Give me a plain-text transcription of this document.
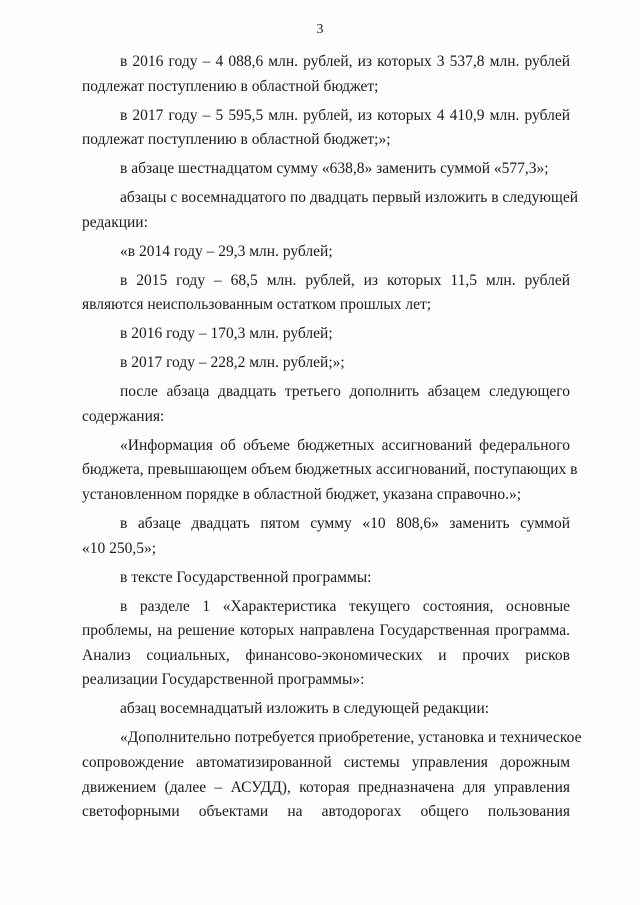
3
в 2016 году – 4 088,6 млн. рублей, из которых 3 537,8 млн. рублей
подлежат поступлению в областной бюджет;
в 2017 году – 5 595,5 млн. рублей, из которых 4 410,9 млн. рублей
подлежат поступлению в областной бюджет;»;
в абзаце шестнадцатом сумму «638,8» заменить суммой «577,3»;
абзацы с восемнадцатого по двадцать первый изложить в следующей
редакции:
«в 2014 году – 29,3 млн. рублей;
в 2015 году – 68,5 млн. рублей, из которых 11,5 млн. рублей
являются неиспользованным остатком прошлых лет;
в 2016 году – 170,3 млн. рублей;
в 2017 году – 228,2 млн. рублей;»;
после абзаца двадцать третьего дополнить абзацем следующего
содержания:
«Информация об объеме бюджетных ассигнований федерального
бюджета, превышающем объем бюджетных ассигнований, поступающих в
установленном порядке в областной бюджет, указана справочно.»;
в абзаце двадцать пятом сумму «10 808,6» заменить суммой
«10 250,5»;
в тексте Государственной программы:
в разделе 1 «Характеристика текущего состояния, основные
проблемы, на решение которых направлена Государственная программа.
Анализ социальных, финансово-экономических и прочих рисков
реализации Государственной программы»:
абзац восемнадцатый изложить в следующей редакции:
«Дополнительно потребуется приобретение, установка и техническое
сопровождение автоматизированной системы управления дорожным
движением (далее – АСУДД), которая предназначена для управления
светофорными объектами на автодорогах общего пользования
